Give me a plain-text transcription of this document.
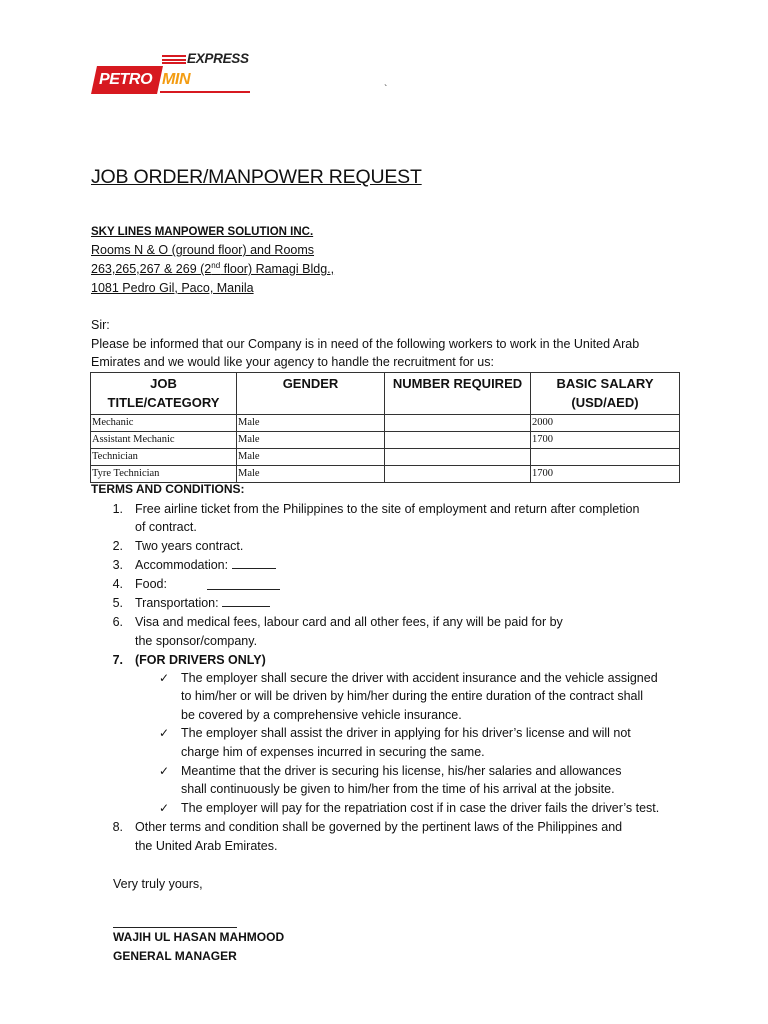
EXPRESS
PETRO MIN
`
JOB ORDER/MANPOWER REQUEST
SKY LINES MANPOWER SOLUTION INC.
Rooms N & O (ground floor) and Rooms
263,265,267 & 269 (2nd floor) Ramagi Bldg.,
1081 Pedro Gil, Paco, Manila
Sir:
Please be informed that our Company is in need of the following workers to work in the United Arab
Emirates and we would like your agency to handle the recruitment for us:
JOB TITLE/CATEGORY	GENDER	NUMBER REQUIRED	BASIC SALARY (USD/AED)
Mechanic	Male		2000
Assistant Mechanic	Male		1700
Technician	Male		
Tyre Technician	Male		1700
TERMS AND CONDITIONS:
1. Free airline ticket from the Philippines to the site of employment and return after completion
of contract.
2. Two years contract.
3. Accommodation:
4. Food:
5. Transportation:
6. Visa and medical fees, labour card and all other fees, if any will be paid for by
the sponsor/company.
7. (FOR DRIVERS ONLY)
✓ The employer shall secure the driver with accident insurance and the vehicle assigned
to him/her or will be driven by him/her during the entire duration of the contract shall
be covered by a comprehensive vehicle insurance.
✓ The employer shall assist the driver in applying for his driver’s license and will not
charge him of expenses incurred in securing the same.
✓ Meantime that the driver is securing his license, his/her salaries and allowances
shall continuously be given to him/her from the time of his arrival at the jobsite.
✓ The employer will pay for the repatriation cost if in case the driver fails the driver’s test.
8. Other terms and condition shall be governed by the pertinent laws of the Philippines and
the United Arab Emirates.
Very truly yours,
WAJIH UL HASAN MAHMOOD
GENERAL MANAGER
